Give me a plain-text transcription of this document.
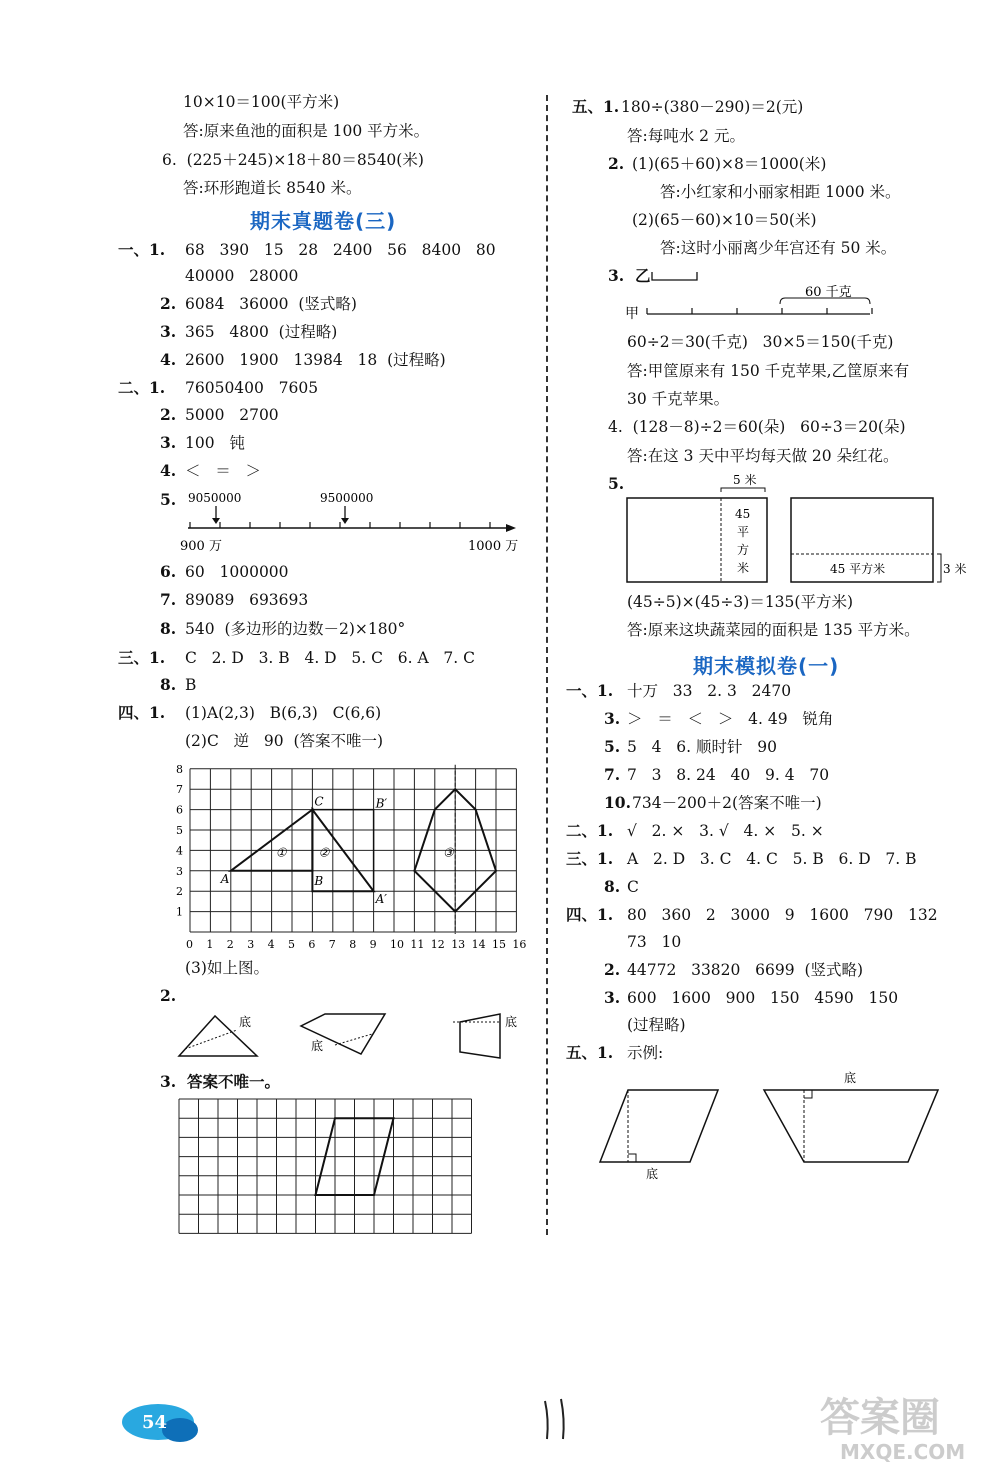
10×10＝100(平方米)
答:原来鱼池的面积是 100 平方米。
6.  (225＋245)×18＋80＝8540(米)
答:环形跑道长 8540 米。
期末真题卷(三)
一、1. 68   390   15   28   2400   56   8400   80
40000   28000
2. 6084   36000  (竖式略)
3. 365   4800  (过程略)
4. 2600   1900   13984   18  (过程略)
二、1. 76050400   7605
2. 5000   2700
3. 100   钝
4. ＜   ＝   ＞
5. 9050000	9500000
900 万	1000 万
6. 60   1000000
7. 89089   693693
8. 540  (多边形的边数－2)×180°
三、1. C   2. D   3. B   4. D   5. C   6. A   7. C
8. B
四、1. (1)A(2,3)   B(6,3)   C(6,6)
(2)C   逆   90  (答案不唯一)
0 1 2 3 4 5 6 7 8 9 10 11 12 13 14 15 16
1
2
3
4
5
6
7
8
A	B
C	B′
A′
①	②	③
(3)如上图。
2.
底
底
底
3.  答案不唯一。
五、1. 180÷(380－290)＝2(元)
答:每吨水 2 元。
2. (1)(65＋60)×8＝1000(米)
答:小红家和小丽家相距 1000 米。
(2)(65－60)×10＝50(米)
答:这时小丽离少年宫还有 50 米。
3.  乙
甲
60 千克
60÷2＝30(千克)   30×5＝150(千克)
答:甲筐原来有 150 千克苹果,乙筐原来有
30 千克苹果。
4.  (128－8)÷2＝60(朵)   60÷3＝20(朵)
答:在这 3 天中平均每天做 20 朵红花。
5.	5 米
45
平
方
米	45 平方米	3 米
(45÷5)×(45÷3)＝135(平方米)
答:原来这块蔬菜园的面积是 135 平方米。
期末模拟卷(一)
一、1. 十万   33   2. 3   2470
3. ＞   ＝   ＜   ＞   4. 49   锐角
5. 5   4   6. 顺时针   90
7. 7   3   8. 24   40   9. 4   70
10. 734－200＋2(答案不唯一)
二、1. √   2. ×   3. √   4. ×   5. ×
三、1. A   2. D   3. C   4. C   5. B   6. D   7. B
8. C
四、1. 80   360   2   3000   9   1600   790   132
73   10
2. 44772   33820   6699  (竖式略)
3. 600   1600   900   150   4590   150
(过程略)
五、1. 示例:
底
底
54	答案圈
MXQE.COM
